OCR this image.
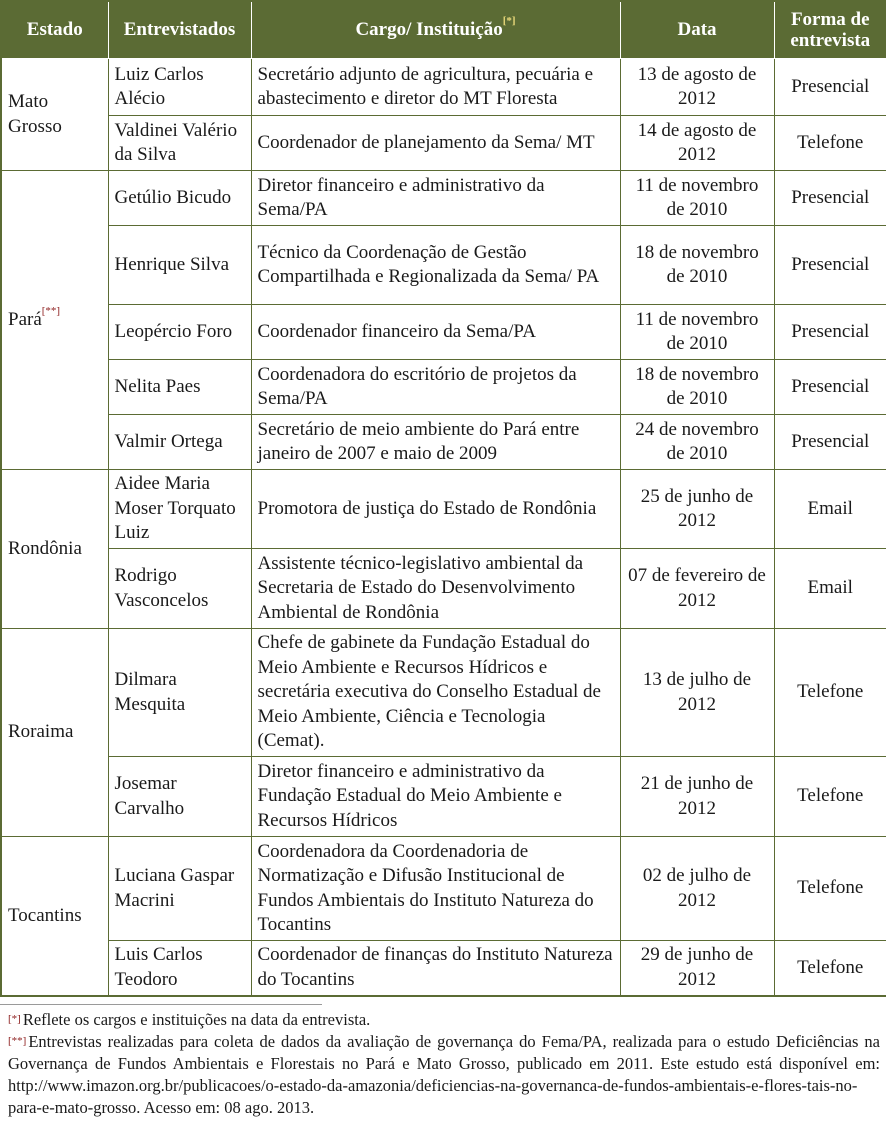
Estado	Entrevistados	Cargo/ Instituição[*]	Data	Forma de entrevista
Mato Grosso	Luiz Carlos Alécio	Secretário adjunto de agricultura, pecuária e abastecimento e diretor do MT Floresta	13 de agosto de 2012	Presencial
	Valdinei Valério da Silva	Coordenador de planejamento da Sema/ MT	14 de agosto de 2012	Telefone
Pará[**]	Getúlio Bicudo	Diretor financeiro e administrativo da Sema/PA	11 de novembro de 2010	Presencial
	Henrique Silva	Técnico da Coordenação de Gestão Compartilhada e Regionalizada da Sema/ PA	18 de novembro de 2010	Presencial
	Leopércio Foro	Coordenador financeiro da Sema/PA	11 de novembro de 2010	Presencial
	Nelita Paes	Coordenadora do escritório de projetos da Sema/PA	18 de novembro de 2010	Presencial
	Valmir Ortega	Secretário de meio ambiente do Pará entre janeiro de 2007 e maio de 2009	24 de novembro de 2010	Presencial
Rondônia	Aidee Maria Moser Torquato Luiz	Promotora de justiça do Estado de Rondônia	25 de junho de 2012	Email
	Rodrigo Vasconcelos	Assistente técnico-legislativo ambiental da Secretaria de Estado do Desenvolvimento Ambiental de Rondônia	07 de fevereiro de 2012	Email
Roraima	Dilmara Mesquita	Chefe de gabinete da Fundação Estadual do Meio Ambiente e Recursos Hídricos e secretária executiva do Conselho Estadual de Meio Ambiente, Ciência e Tecnologia (Cemat).	13 de julho de 2012	Telefone
	Josemar Carvalho	Diretor financeiro e administrativo da Fundação Estadual do Meio Ambiente e Recursos Hídricos	21 de junho de 2012	Telefone
Tocantins	Luciana Gaspar Macrini	Coordenadora da Coordenadoria de Normatização e Difusão Institucional de Fundos Ambientais do Instituto Natureza do Tocantins	02 de julho de 2012	Telefone
	Luis Carlos Teodoro	Coordenador de finanças do Instituto Natureza do Tocantins	29 de junho de 2012	Telefone

[*] Reflete os cargos e instituições na data da entrevista.

[**] Entrevistas realizadas para coleta de dados da avaliação de governança do Fema/PA, realizada para o estudo Deficiências na Governança de Fundos Ambientais e Florestais no Pará e Mato Grosso, publicado em 2011. Este estudo está disponível em: http://www.imazon.org.br/publicacoes/o-estado-da-amazonia/deficiencias-na-governanca-de-fundos-ambientais-e-flores-tais-no-para-e-mato-grosso. Acesso em: 08 ago. 2013.
